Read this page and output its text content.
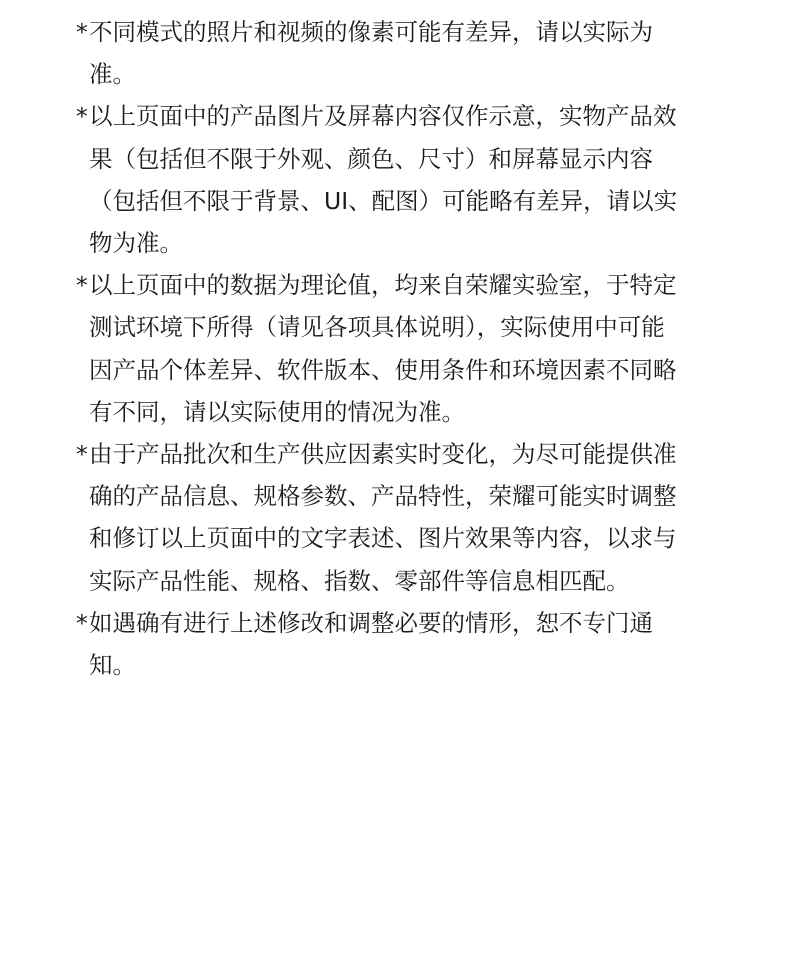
*不同模式的照片和视频的像素可能有差异，请以实际为
准。
*以上页面中的产品图片及屏幕内容仅作示意，实物产品效
果（包括但不限于外观、颜色、尺寸）和屏幕显示内容
（包括但不限于背景、UI、配图）可能略有差异，请以实
物为准。
*以上页面中的数据为理论值，均来自荣耀实验室，于特定
测试环境下所得（请见各项具体说明），实际使用中可能
因产品个体差异、软件版本、使用条件和环境因素不同略
有不同，请以实际使用的情况为准。
*由于产品批次和生产供应因素实时变化，为尽可能提供准
确的产品信息、规格参数、产品特性，荣耀可能实时调整
和修订以上页面中的文字表述、图片效果等内容，以求与
实际产品性能、规格、指数、零部件等信息相匹配。
*如遇确有进行上述修改和调整必要的情形，恕不专门通
知。
